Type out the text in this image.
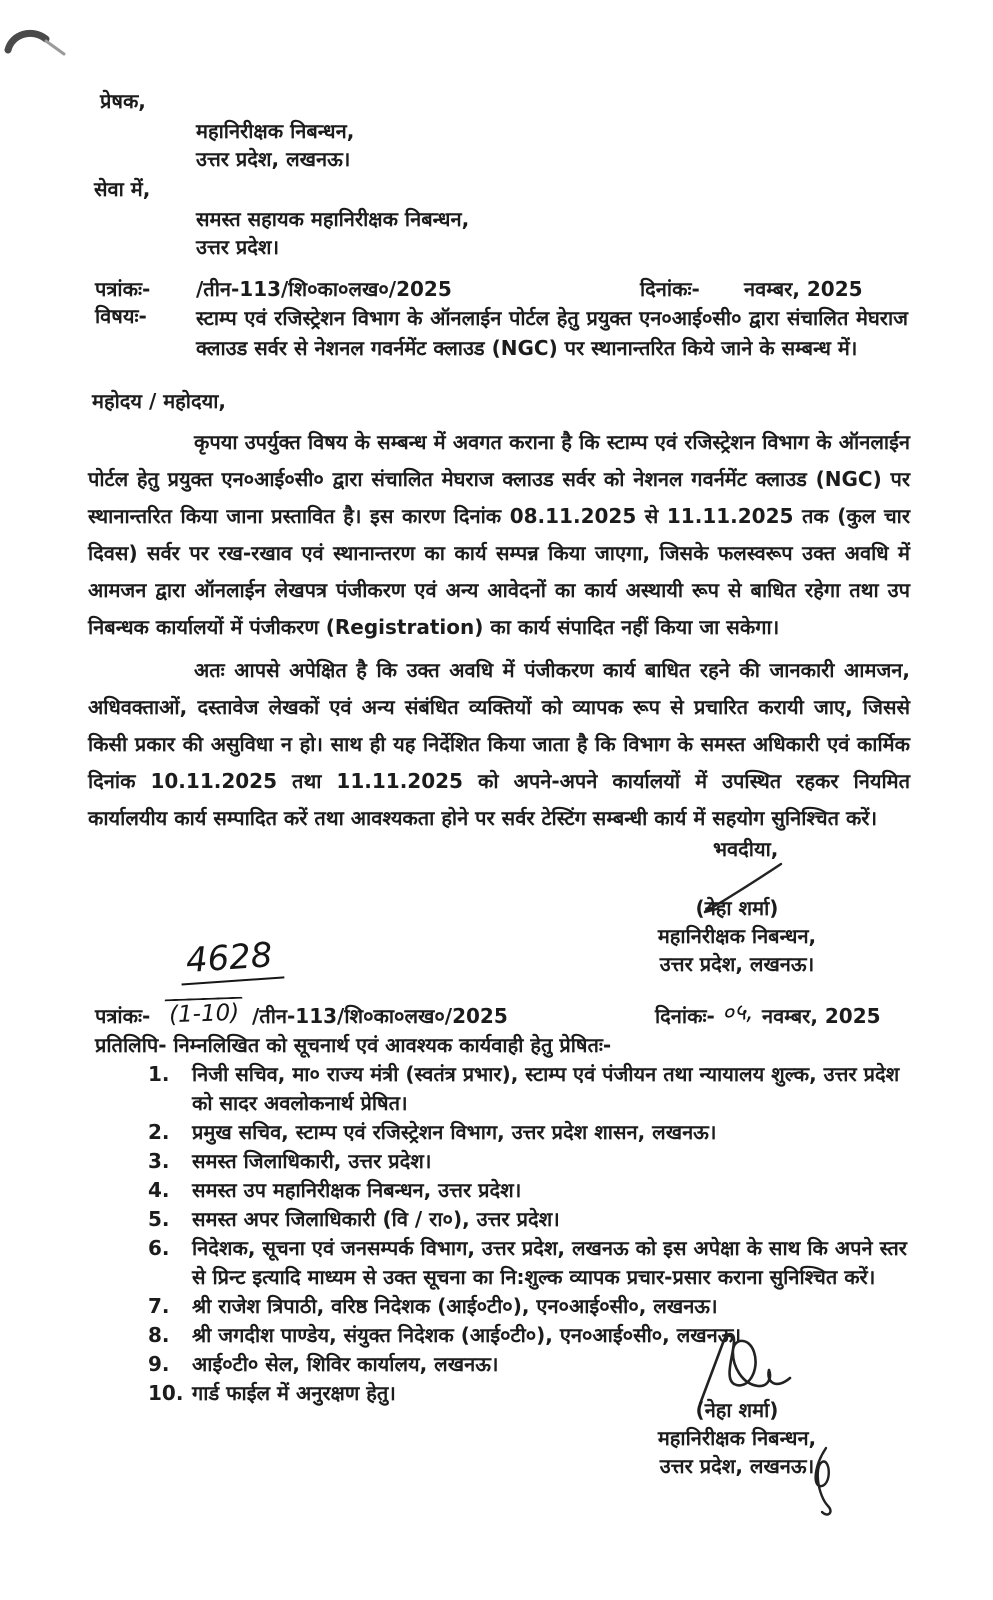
प्रेषक,
महानिरीक्षक निबन्धन,
उत्तर प्रदेश, लखनऊ।
सेवा में,
समस्त सहायक महानिरीक्षक निबन्धन,
उत्तर प्रदेश।
पत्रांकः- /तीन-113/शि०का०लख०/2025	दिनांकः- नवम्बर, 2025
विषयः- स्टाम्प एवं रजिस्ट्रेशन विभाग के ऑनलाईन पोर्टल हेतु प्रयुक्त एन०आई०सी० द्वारा संचालित मेघराज क्लाउड सर्वर से नेशनल गवर्नमेंट क्लाउड (NGC) पर स्थानान्तरित किये जाने के सम्बन्ध में।
महोदय / महोदया,
कृपया उपर्युक्त विषय के सम्बन्ध में अवगत कराना है कि स्टाम्प एवं रजिस्ट्रेशन विभाग के ऑनलाईन पोर्टल हेतु प्रयुक्त एन०आई०सी० द्वारा संचालित मेघराज क्लाउड सर्वर को नेशनल गवर्नमेंट क्लाउड (NGC) पर स्थानान्तरित किया जाना प्रस्तावित है। इस कारण दिनांक 08.11.2025 से 11.11.2025 तक (कुल चार दिवस) सर्वर पर रख-रखाव एवं स्थानान्तरण का कार्य सम्पन्न किया जाएगा, जिसके फलस्वरूप उक्त अवधि में आमजन द्वारा ऑनलाईन लेखपत्र पंजीकरण एवं अन्य आवेदनों का कार्य अस्थायी रूप से बाधित रहेगा तथा उप निबन्धक कार्यालयों में पंजीकरण (Registration) का कार्य संपादित नहीं किया जा सकेगा।
अतः आपसे अपेक्षित है कि उक्त अवधि में पंजीकरण कार्य बाधित रहने की जानकारी आमजन, अधिवक्ताओं, दस्तावेज लेखकों एवं अन्य संबंधित व्यक्तियों को व्यापक रूप से प्रचारित करायी जाए, जिससे किसी प्रकार की असुविधा न हो। साथ ही यह निर्देशित किया जाता है कि विभाग के समस्त अधिकारी एवं कार्मिक दिनांक 10.11.2025 तथा 11.11.2025 को अपने-अपने कार्यालयों में उपस्थित रहकर नियमित कार्यालयीय कार्य सम्पादित करें तथा आवश्यकता होने पर सर्वर टेस्टिंग सम्बन्धी कार्य में सहयोग सुनिश्चित करें।
भवदीया,
(नेहा शर्मा)
महानिरीक्षक निबन्धन,
उत्तर प्रदेश, लखनऊ।
4628
पत्रांकः- (1-10) /तीन-113/शि०का०लख०/2025	दिनांकः- ०५, नवम्बर, 2025
प्रतिलिपि- निम्नलिखित को सूचनार्थ एवं आवश्यक कार्यवाही हेतु प्रेषितः-
1.	निजी सचिव, मा० राज्य मंत्री (स्वतंत्र प्रभार), स्टाम्प एवं पंजीयन तथा न्यायालय शुल्क, उत्तर प्रदेश को सादर अवलोकनार्थ प्रेषित।
2.	प्रमुख सचिव, स्टाम्प एवं रजिस्ट्रेशन विभाग, उत्तर प्रदेश शासन, लखनऊ।
3.	समस्त जिलाधिकारी, उत्तर प्रदेश।
4.	समस्त उप महानिरीक्षक निबन्धन, उत्तर प्रदेश।
5.	समस्त अपर जिलाधिकारी (वि / रा०), उत्तर प्रदेश।
6.	निदेशक, सूचना एवं जनसम्पर्क विभाग, उत्तर प्रदेश, लखनऊ को इस अपेक्षा के साथ कि अपने स्तर से प्रिन्ट इत्यादि माध्यम से उक्त सूचना का नि:शुल्क व्यापक प्रचार-प्रसार कराना सुनिश्चित करें।
7.	श्री राजेश त्रिपाठी, वरिष्ठ निदेशक (आई०टी०), एन०आई०सी०, लखनऊ।
8.	श्री जगदीश पाण्डेय, संयुक्त निदेशक (आई०टी०), एन०आई०सी०, लखनऊ।
9.	आई०टी० सेल, शिविर कार्यालय, लखनऊ।
10. गार्ड फाईल में अनुरक्षण हेतु।
(नेहा शर्मा)
महानिरीक्षक निबन्धन,
उत्तर प्रदेश, लखनऊ।
